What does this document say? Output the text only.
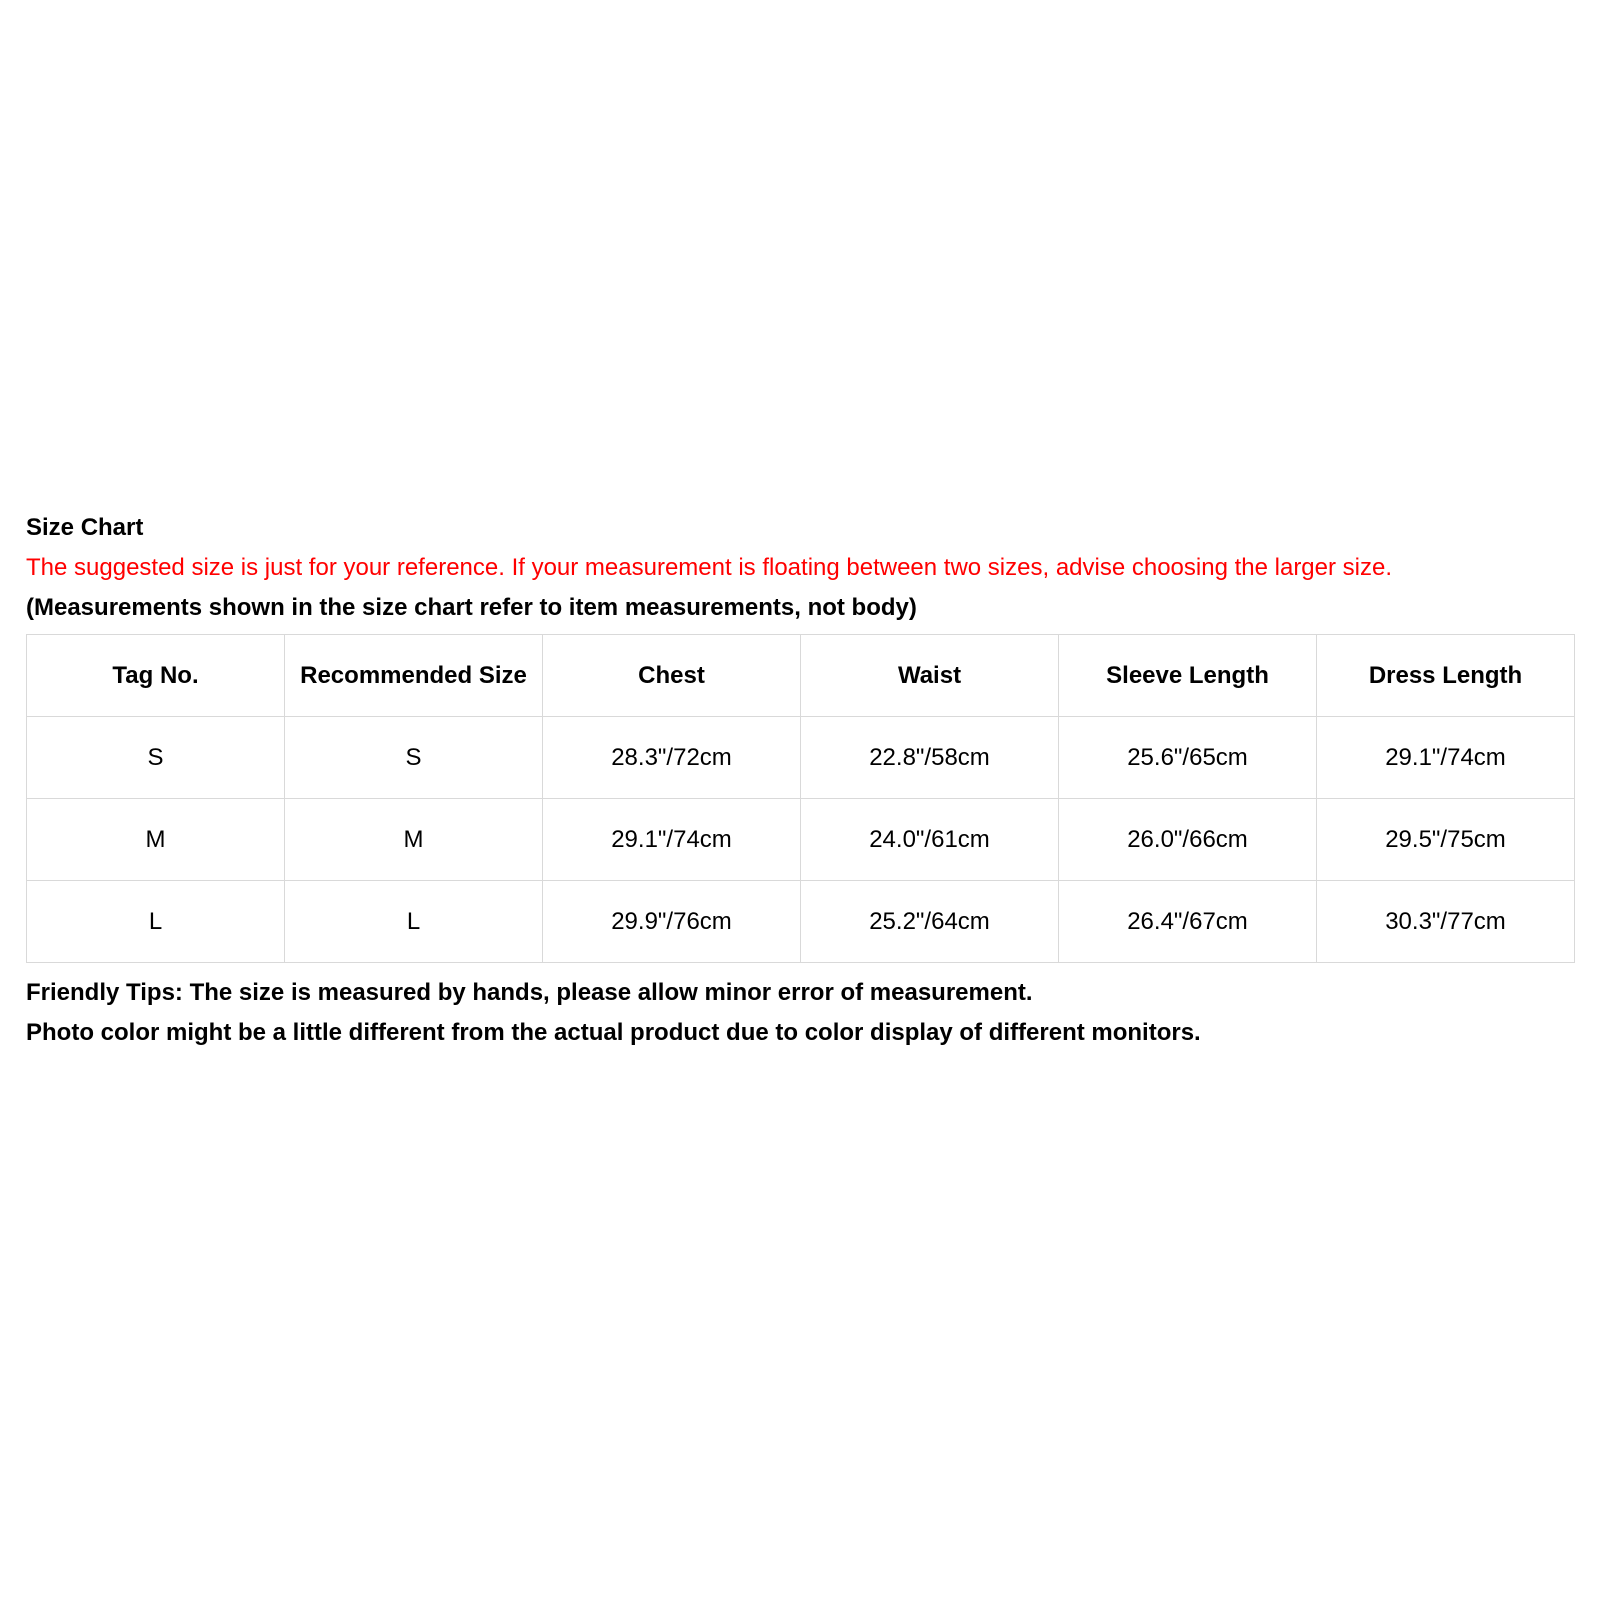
Size Chart

The suggested size is just for your reference. If your measurement is floating between two sizes, advise choosing the larger size.

(Measurements shown in the size chart refer to item measurements, not body)

Tag No.	Recommended Size	Chest	Waist	Sleeve Length	Dress Length
S	S	28.3"/72cm	22.8"/58cm	25.6"/65cm	29.1"/74cm
M	M	29.1"/74cm	24.0"/61cm	26.0"/66cm	29.5"/75cm
L	L	29.9"/76cm	25.2"/64cm	26.4"/67cm	30.3"/77cm

Friendly Tips: The size is measured by hands, please allow minor error of measurement.

Photo color might be a little different from the actual product due to color display of different monitors.
